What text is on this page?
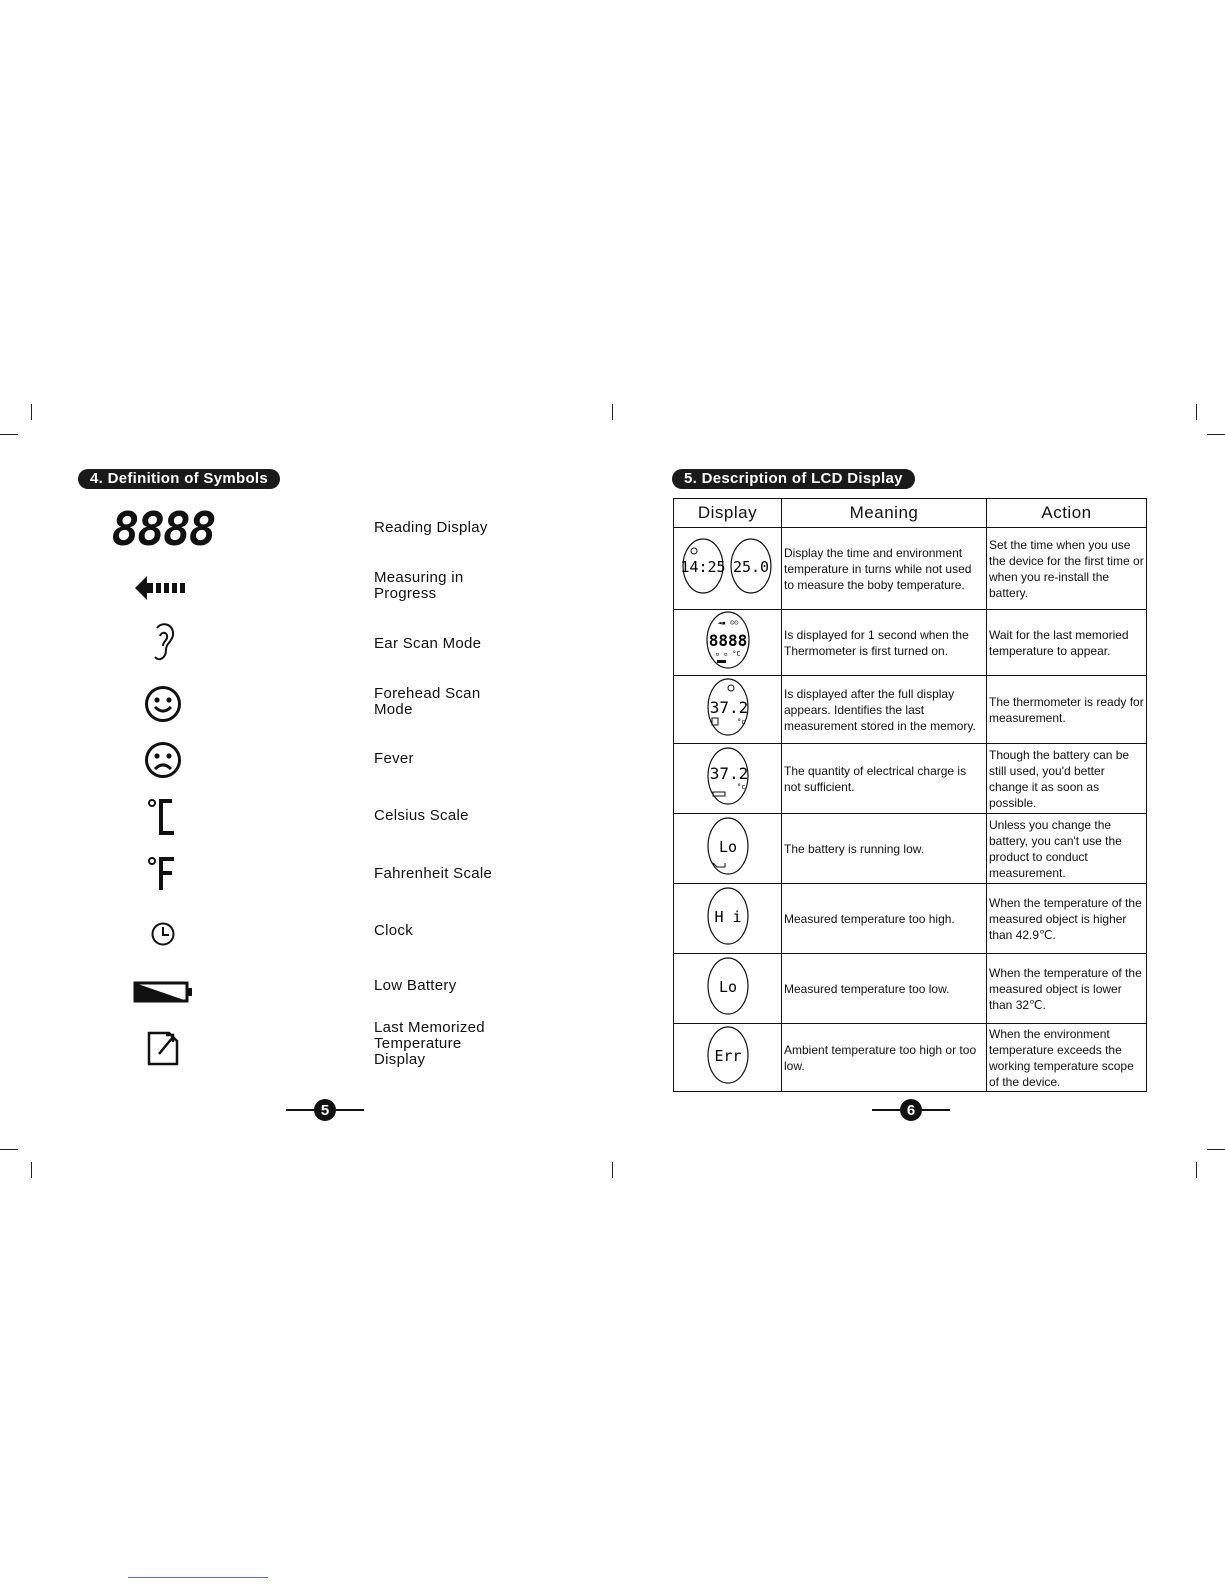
4. Definition of Symbols
8888	Reading Display
Measuring in Progress
Ear Scan Mode
Forehead Scan Mode
Fever
Celsius Scale
Fahrenheit Scale
Clock
Low Battery
Last Memorized Temperature Display
5
5. Description of LCD Display
Display	Meaning	Action

14:25 25.0	Display the time and environment temperature in turns while not used to measure the boby temperature.	Set the time when you use the device for the first time or when you re-install the battery.

◄▪ ☺☹
8888
▫ ▫ °C	Is displayed for 1 second when the Thermometer is first turned on.	Wait for the last memoried temperature to appear.

37.2
°c	Is displayed after the full display appears. Identifies the last measurement stored in the memory.	The thermometer is ready for measurement.

37.2
°c	The quantity of electrical charge is not sufficient.	Though the battery can be still used, you'd better change it as soon as possible.

Lo	The battery is running low.	Unless you change the battery, you can't use the product to conduct measurement.

H i	Measured temperature too high.	When the temperature of the measured object is higher than 42.9℃.

Lo	Measured temperature too low.	When the temperature of the measured object is lower than 32℃.

Err	Ambient temperature too high or too low.	When the environment temperature exceeds the working temperature scope of the device.
6
